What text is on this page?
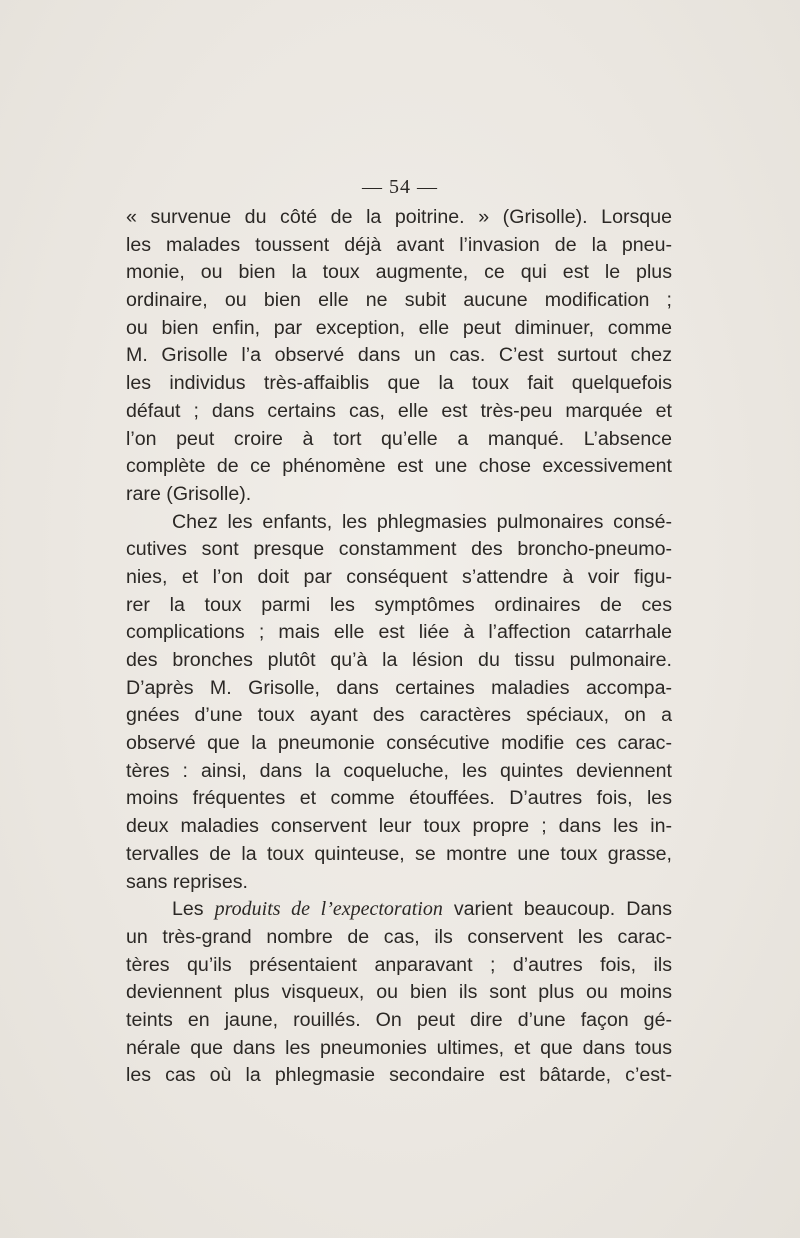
— 54 —
« survenue du côté de la poitrine. » (Grisolle). Lorsque
les malades toussent déjà avant l’invasion de la pneu-
monie, ou bien la toux augmente, ce qui est le plus
ordinaire, ou bien elle ne subit aucune modification ;
ou bien enfin, par exception, elle peut diminuer, comme
M. Grisolle l’a observé dans un cas. C’est surtout chez
les individus très-affaiblis que la toux fait quelquefois
défaut ; dans certains cas, elle est très-peu marquée et
l’on peut croire à tort qu’elle a manqué. L’absence
complète de ce phénomène est une chose excessivement
rare (Grisolle).
Chez les enfants, les phlegmasies pulmonaires consé-
cutives sont presque constamment des broncho-pneumo-
nies, et l’on doit par conséquent s’attendre à voir figu-
rer la toux parmi les symptômes ordinaires de ces
complications ; mais elle est liée à l’affection catarrhale
des bronches plutôt qu’à la lésion du tissu pulmonaire.
D’après M. Grisolle, dans certaines maladies accompa-
gnées d’une toux ayant des caractères spéciaux, on a
observé que la pneumonie consécutive modifie ces carac-
tères : ainsi, dans la coqueluche, les quintes deviennent
moins fréquentes et comme étouffées. D’autres fois, les
deux maladies conservent leur toux propre ; dans les in-
tervalles de la toux quinteuse, se montre une toux grasse,
sans reprises.
Les produits de l’expectoration varient beaucoup. Dans
un très-grand nombre de cas, ils conservent les carac-
tères qu’ils présentaient anparavant ; d’autres fois, ils
deviennent plus visqueux, ou bien ils sont plus ou moins
teints en jaune, rouillés. On peut dire d’une façon gé-
nérale que dans les pneumonies ultimes, et que dans tous
les cas où la phlegmasie secondaire est bâtarde, c’est-
